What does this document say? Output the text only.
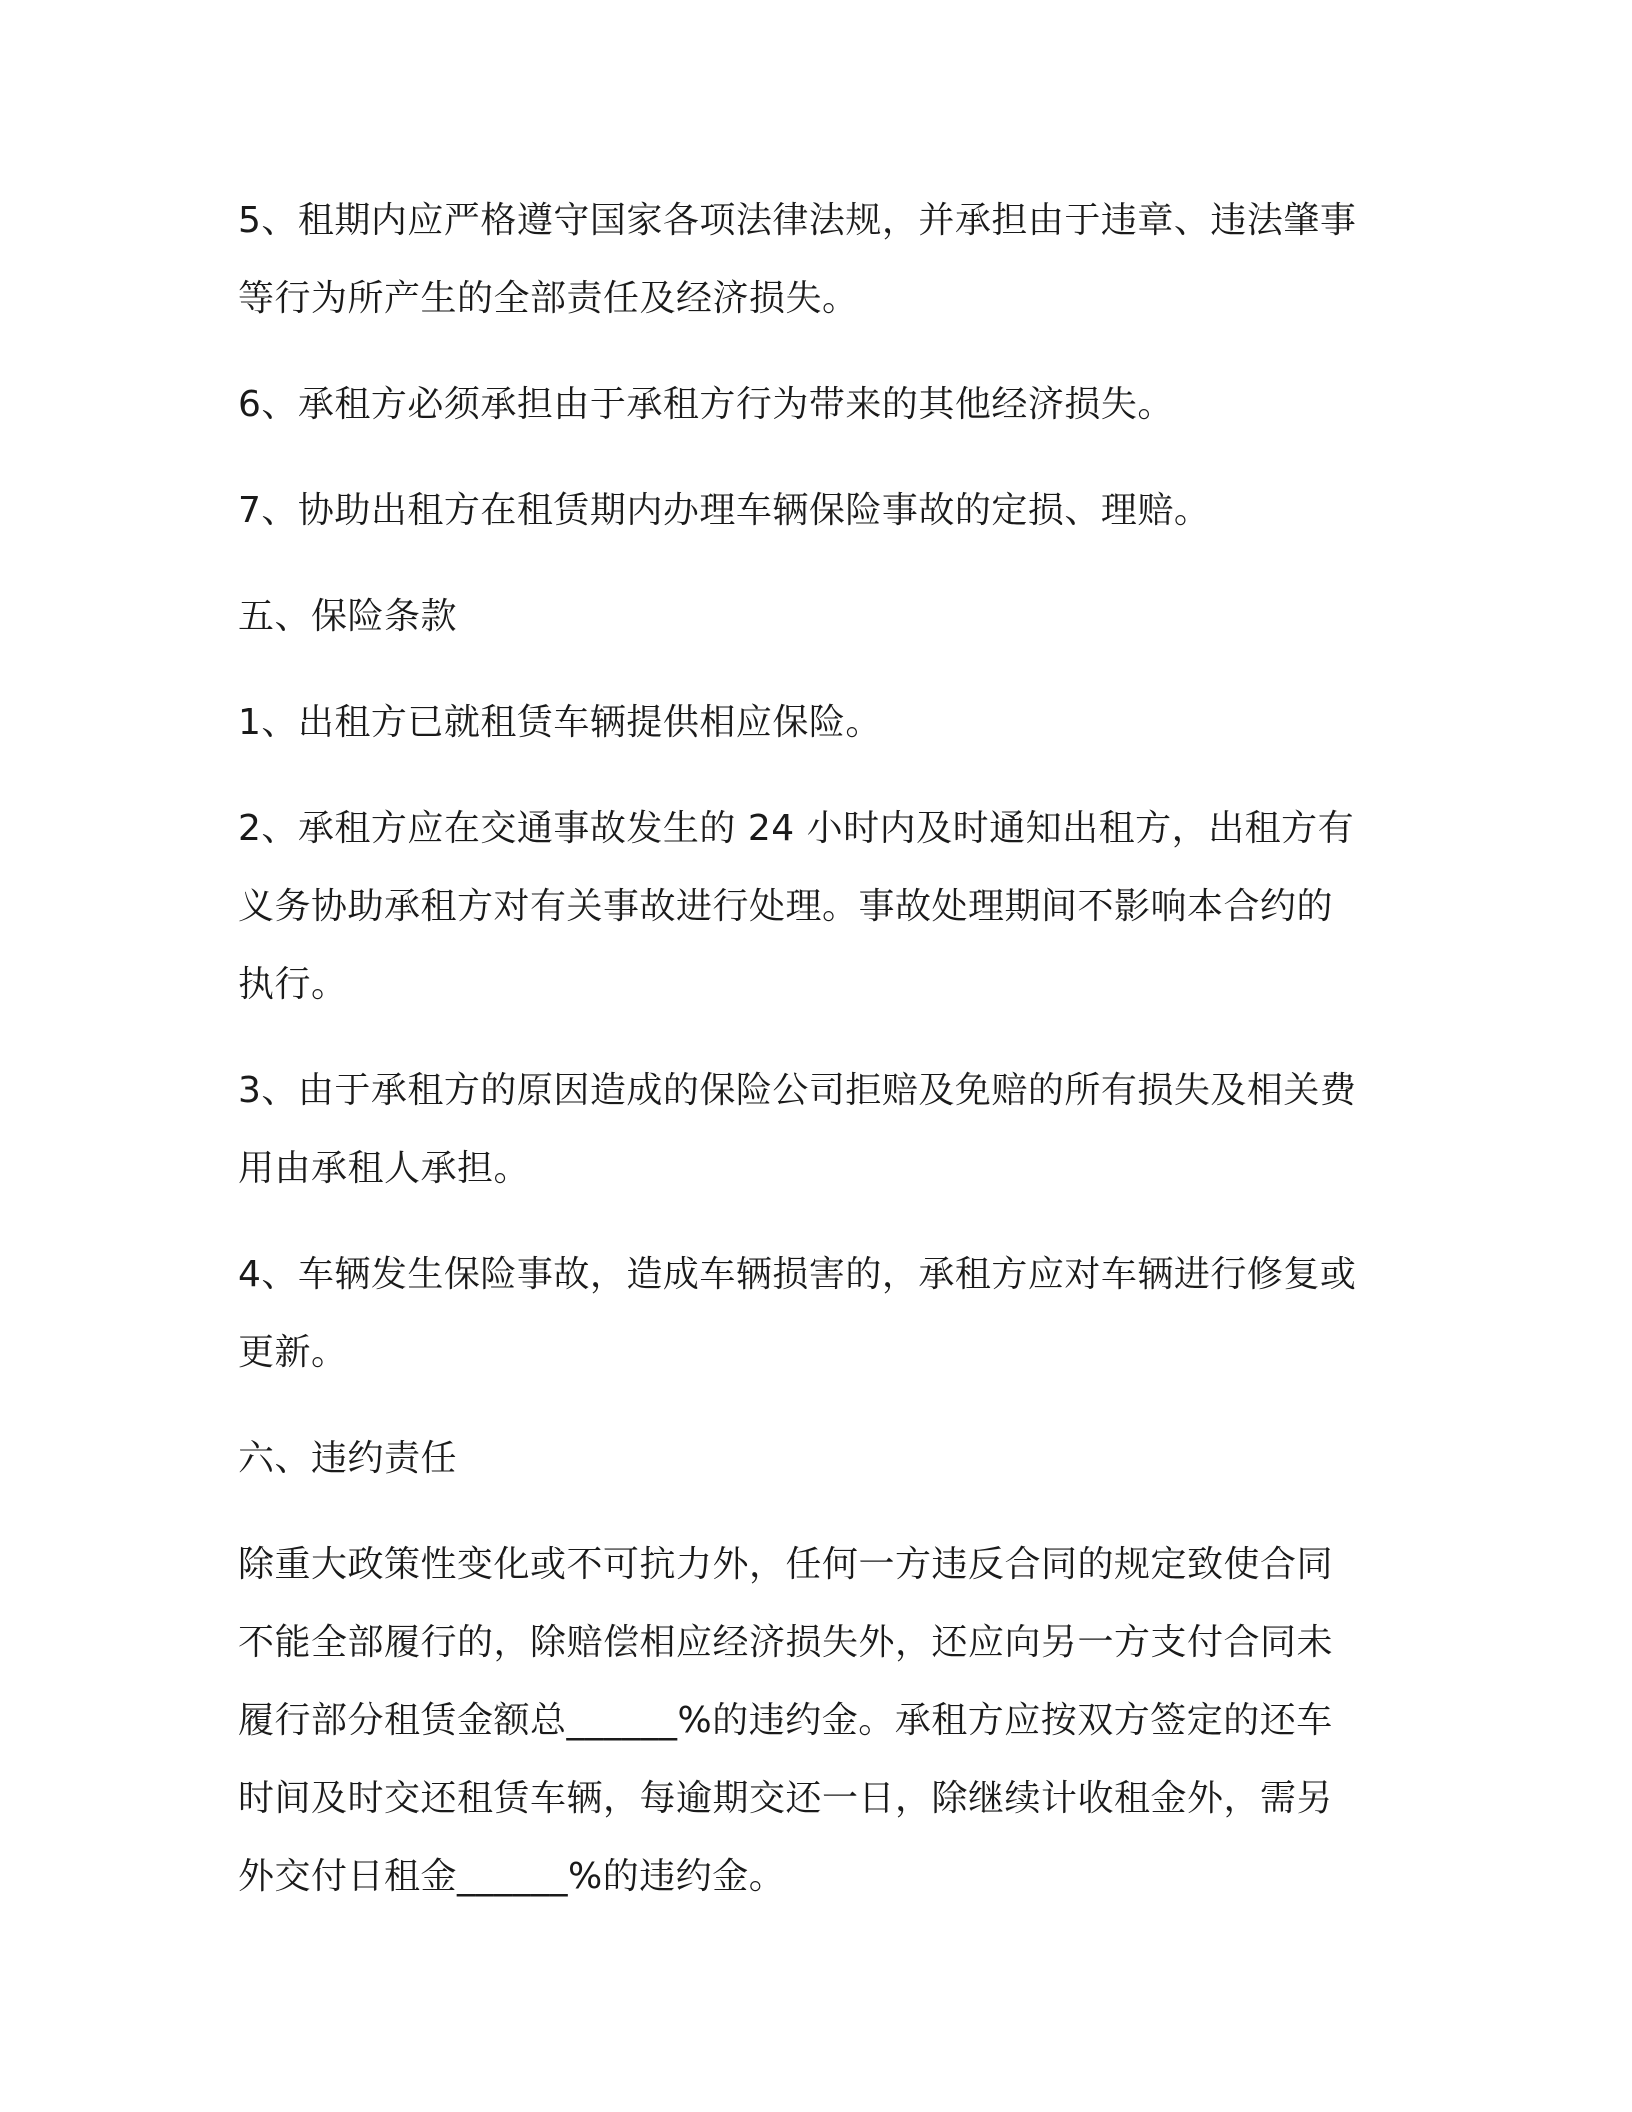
5、租期内应严格遵守国家各项法律法规，并承担由于违章、违法肇事
等行为所产生的全部责任及经济损失。

6、承租方必须承担由于承租方行为带来的其他经济损失。

7、协助出租方在租赁期内办理车辆保险事故的定损、理赔。

五、保险条款

1、出租方已就租赁车辆提供相应保险。

2、承租方应在交通事故发生的 24 小时内及时通知出租方，出租方有
义务协助承租方对有关事故进行处理。事故处理期间不影响本合约的
执行。

3、由于承租方的原因造成的保险公司拒赔及免赔的所有损失及相关费
用由承租人承担。

4、车辆发生保险事故，造成车辆损害的，承租方应对车辆进行修复或
更新。

六、违约责任

除重大政策性变化或不可抗力外，任何一方违反合同的规定致使合同
不能全部履行的，除赔偿相应经济损失外，还应向另一方支付合同未
履行部分租赁金额总______%的违约金。承租方应按双方签定的还车
时间及时交还租赁车辆，每逾期交还一日，除继续计收租金外，需另
外交付日租金______%的违约金。
